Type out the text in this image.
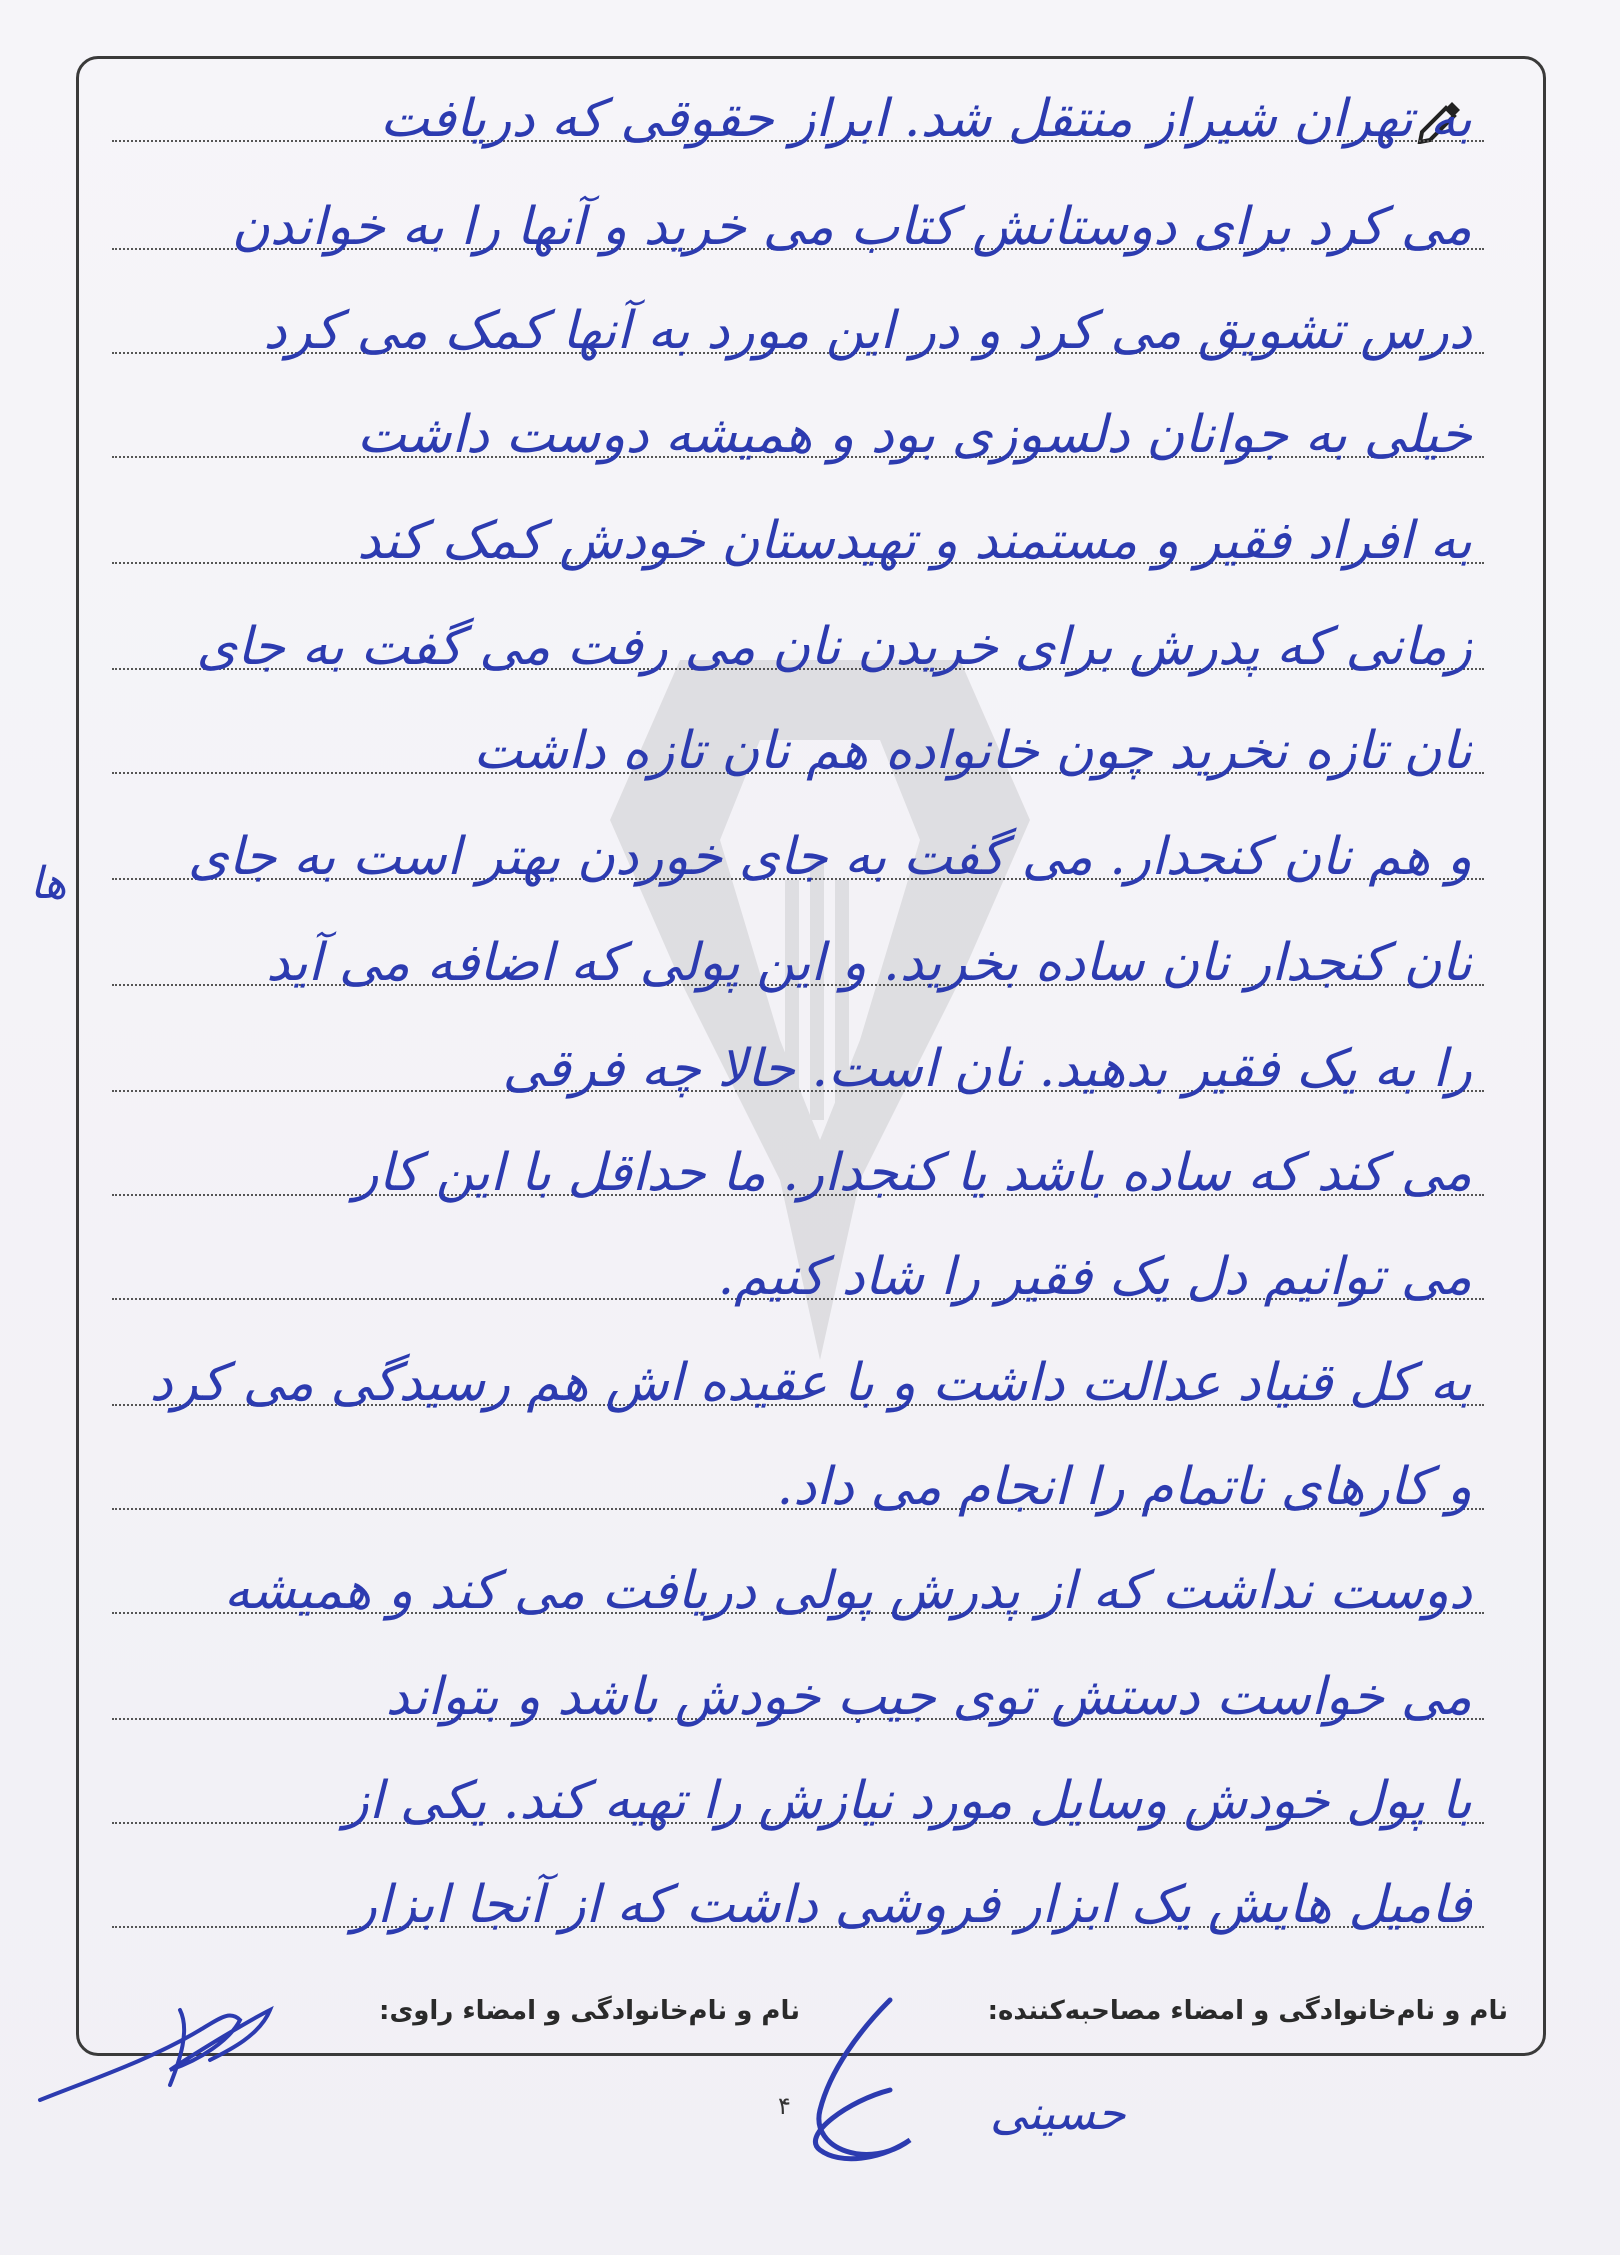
به تهران شیراز منتقل شد. ابراز حقوقی که دریافت
می کرد برای دوستانش کتاب می خرید و آنها را به خواندن
درس تشویق می کرد و در این مورد به آنها کمک می کرد
خیلی به جوانان دلسوزی بود و همیشه دوست داشت
به افراد فقیر و مستمند و تهیدستان خودش کمک کند
زمانی که پدرش برای خریدن نان می رفت می گفت به جای
نان تازه نخرید چون خانواده هم نان تازه داشت
و هم نان کنجدار. می گفت به جای خوردن بهتر است به جای
نان کنجدار نان ساده بخرید. و این پولی که اضافه می آید
را به یک فقیر بدهید. نان است. حالا چه فرقی
می کند که ساده باشد یا کنجدار. ما حداقل با این کار
می توانیم دل یک فقیر را شاد کنیم.
به کل قنیاد عدالت داشت و با عقیده اش هم رسیدگی می کرد
و کارهای ناتمام را انجام می داد.
دوست نداشت که از پدرش پولی دریافت می کند و همیشه
می خواست دستش توی جیب خودش باشد و بتواند
با پول خودش وسایل مورد نیازش را تهیه کند. یکی از
فامیل هایش یک ابزار فروشی داشت که از آنجا ابزار
ها
نام و نام‌خانوادگی و امضاء مصاحبه‌کننده:
نام و نام‌خانوادگی و امضاء راوی:
حسینی
۴
